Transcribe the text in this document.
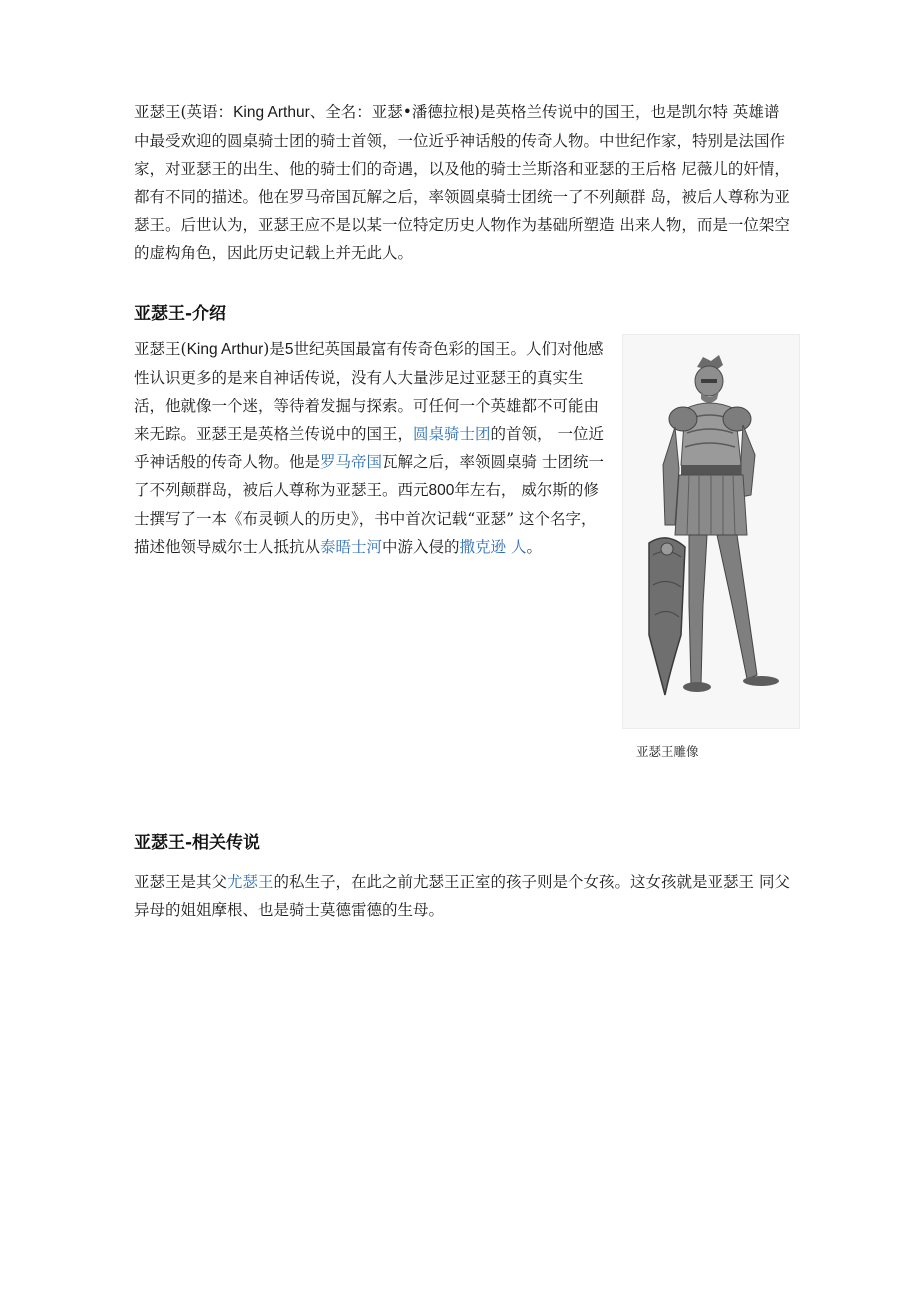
亚瑟王(英语：King Arthur、全名：亚瑟•潘德拉根)是英格兰传说中的国王，也是凯尔特 英雄谱中最受欢迎的圆桌骑士团的骑士首领，一位近乎神话般的传奇人物。中世纪作家，特别是法国作家，对亚瑟王的出生、他的骑士们的奇遇，以及他的骑士兰斯洛和亚瑟的王后格 尼薇儿的奸情，都有不同的描述。他在罗马帝国瓦解之后，率领圆桌骑士团统一了不列颠群 岛，被后人尊称为亚瑟王。后世认为，亚瑟王应不是以某一位特定历史人物作为基础所塑造 出来人物，而是一位架空的虚构角色，因此历史记载上并无此人。

亚瑟王-介绍

亚瑟王(King Arthur)是5世纪英国最富有传奇色彩的国王。人们对他感性认识更多的是来自神话传说，没有人大量涉足过亚瑟王的真实生活，他就像一个迷，等待着发掘与探索。可任何一个英雄都不可能由来无踪。亚瑟王是英格兰传说中的国王，圆桌骑士团的首领， 一位近乎神话般的传奇人物。他是罗马帝国瓦解之后，率领圆桌骑 士团统一了不列颠群岛，被后人尊称为亚瑟王。西元800年左右， 威尔斯的修士撰写了一本《布灵顿人的历史》，书中首次记载“亚瑟” 这个名字，描述他领导威尔士人抵抗从泰晤士河中游入侵的撒克逊 人。

亚瑟王雕像
亚瑟王-相关传说

亚瑟王是其父尤瑟王的私生子，在此之前尤瑟王正室的孩子则是个女孩。这女孩就是亚瑟王 同父异母的姐姐摩根、也是骑士莫德雷德的生母。
